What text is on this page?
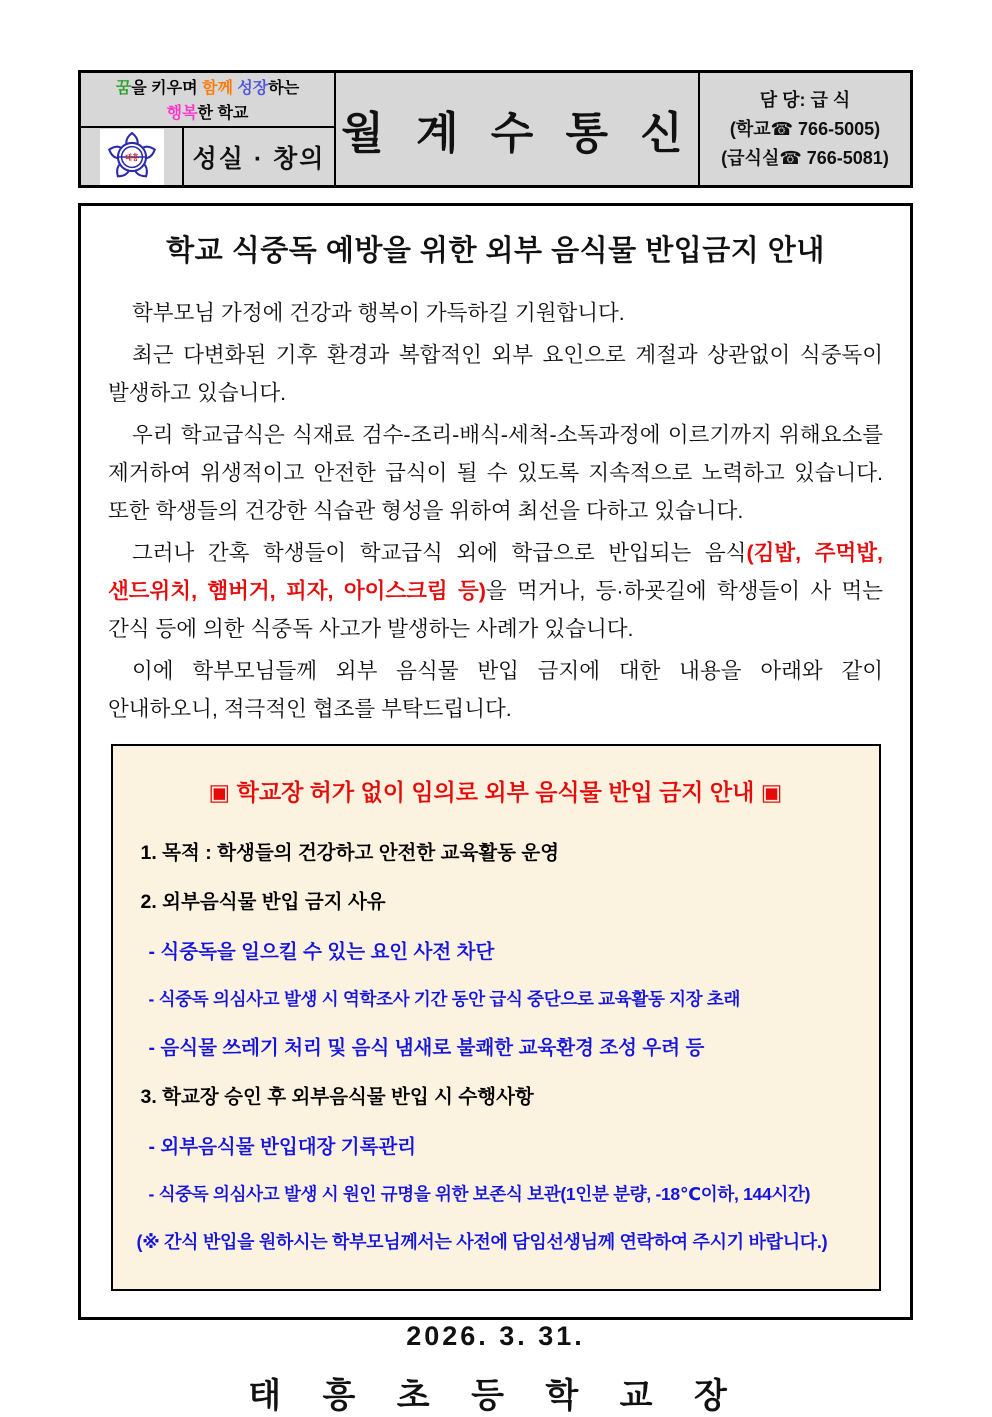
꿈을 키우며 함께 성장하는
행복한 학교
태흥	성실 · 창의
월 계 수 통 신
담 당: 급 식
(학교☎ 766-5005)
(급식실☎ 766-5081)
학교 식중독 예방을 위한 외부 음식물 반입금지 안내

학부모님 가정에 건강과 행복이 가득하길 기원합니다.

최근 다변화된 기후 환경과 복합적인 외부 요인으로 계절과 상관없이 식중독이 발생하고 있습니다.

우리 학교급식은 식재료 검수-조리-배식-세척-소독과정에 이르기까지 위해요소를 제거하여 위생적이고 안전한 급식이 될 수 있도록 지속적으로 노력하고 있습니다. 또한 학생들의 건강한 식습관 형성을 위하여 최선을 다하고 있습니다.

그러나 간혹 학생들이 학교급식 외에 학급으로 반입되는 음식(김밥, 주먹밥, 샌드위치, 햄버거, 피자, 아이스크림 등)을 먹거나, 등·하굣길에 학생들이 사 먹는 간식 등에 의한 식중독 사고가 발생하는 사례가 있습니다.

이에 학부모님들께 외부 음식물 반입 금지에 대한 내용을 아래와 같이 안내하오니, 적극적인 협조를 부탁드립니다.

▣ 학교장 허가 없이 임의로 외부 음식물 반입 금지 안내 ▣
1. 목적 : 학생들의 건강하고 안전한 교육활동 운영
2. 외부음식물 반입 금지 사유
- 식중독을 일으킬 수 있는 요인 사전 차단
- 식중독 의심사고 발생 시 역학조사 기간 동안 급식 중단으로 교육활동 지장 초래
- 음식물 쓰레기 처리 및 음식 냄새로 불쾌한 교육환경 조성 우려 등
3. 학교장 승인 후 외부음식물 반입 시 수행사항
- 외부음식물 반입대장 기록관리
- 식중독 의심사고 발생 시 원인 규명을 위한 보존식 보관(1인분 분량, -18℃이하, 144시간)
(※ 간식 반입을 원하시는 학부모님께서는 사전에 담임선생님께 연락하여 주시기 바랍니다.)
2026. 3. 31.
태 흥 초 등 학 교 장
